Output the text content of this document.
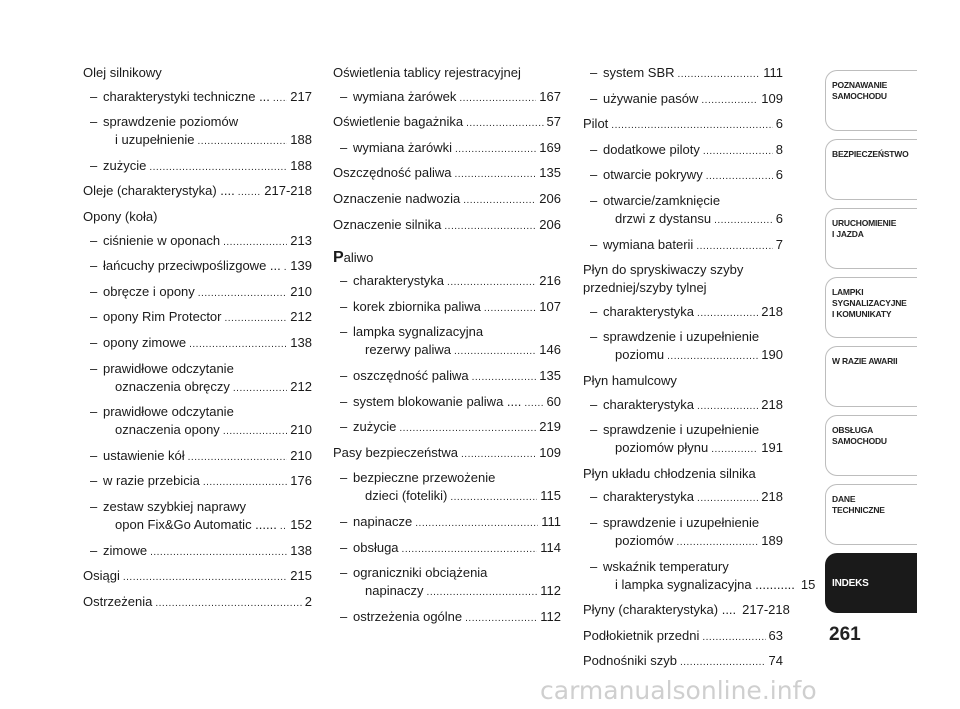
Olej silnikowy
– charakterystyki techniczne ... ..... 217
– sprawdzenie poziomów
i uzupełnienie .....	188
– zużycie .....	188
Oleje (charakterystyka) .... ..... 217-218
Opony (koła)
– ciśnienie w oponach .....	213
– łańcuchy przeciwpoślizgowe ... ..... 139
– obręcze i opony .....	210
– opony Rim Protector .....	212
– opony zimowe .....	138
– prawidłowe odczytanie
oznaczenia obręczy .....	212
– prawidłowe odczytanie
oznaczenia opony .....	210
– ustawienie kół .....	210
– w razie przebicia .....	176
– zestaw szybkiej naprawy
opon Fix&Go Automatic ...... ..... 152
– zimowe .....	138
Osiągi .....	215
Ostrzeżenia .....	2
Oświetlenia tablicy rejestracyjnej
– wymiana żarówek .....	167
Oświetlenie bagażnika .....	57
– wymiana żarówki .....	169
Oszczędność paliwa .....	135
Oznaczenie nadwozia .....	206
Oznaczenie silnika .....	206
Paliwo
– charakterystyka .....	216
– korek zbiornika paliwa .....	107
– lampka sygnalizacyjna
rezerwy paliwa .....	146
– oszczędność paliwa .....	135
– system blokowanie paliwa .... ..... 60
– zużycie .....	219
Pasy bezpieczeństwa .....	109
– bezpieczne przewożenie
dzieci (foteliki) .....	115
– napinacze .....	111
– obsługa .....	114
– ograniczniki obciążenia
napinaczy .....	112
– ostrzeżenia ogólne .....	112
– system SBR .....	111
– używanie pasów .....	109
Pilot .....	6
– dodatkowe piloty .....	8
– otwarcie pokrywy .....	6
– otwarcie/zamknięcie
drzwi z dystansu .....	6
– wymiana baterii .....	7
Płyn do spryskiwaczy szyby
przedniej/szyby tylnej
– charakterystyka .....	218
– sprawdzenie i uzupełnienie
poziomu .....	190
Płyn hamulcowy
– charakterystyka .....	218
– sprawdzenie i uzupełnienie
poziomów płynu .....	191
Płyn układu chłodzenia silnika
– charakterystyka .....	218
– sprawdzenie i uzupełnienie
poziomów .....	189
– wskaźnik temperatury
i lampka sygnalizacyjna ........... 15
Płyny (charakterystyka) .... 217-218
Podłokietnik przedni .....	63
Podnośniki szyb .....	74
POZNAWANIE
SAMOCHODU
BEZPIECZEŃSTWO
URUCHOMIENIE
I JAZDA
LAMPKI
SYGNALIZACYJNE
I KOMUNIKATY
W RAZIE AWARII
OBSŁUGA
SAMOCHODU
DANE
TECHNICZNE
INDEKS
261
carmanualsonline.info
